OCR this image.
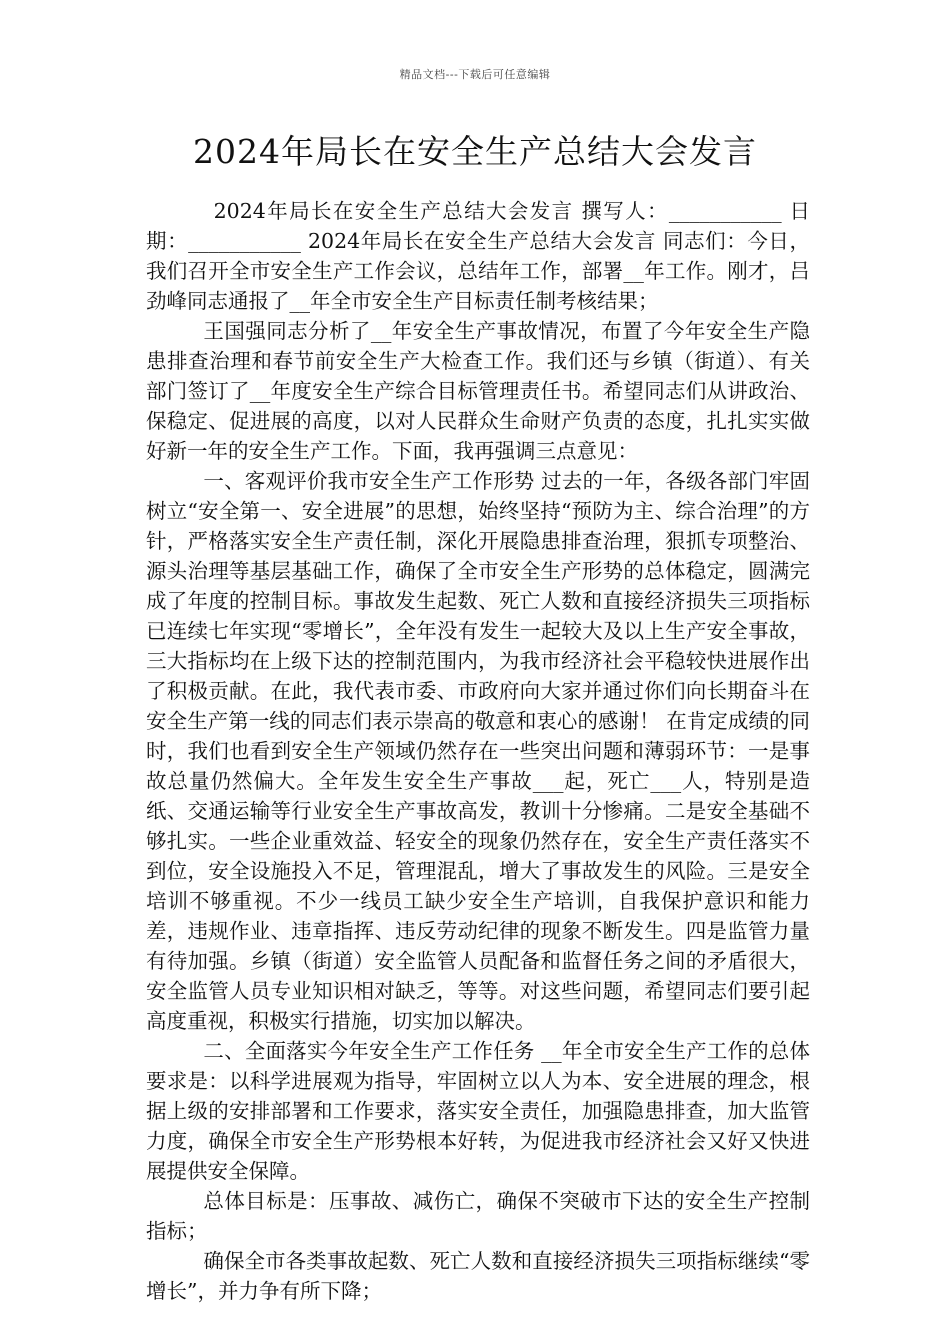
精品文档---下载后可任意编辑
2024年局长在安全生产总结大会发言

2024年局长在安全生产总结大会发言 撰写人：___________ 日 期：___________ 2024年局长在安全生产总结大会发言 同志们：今日，我们召开全市安全生产工作会议，总结年工作，部署__年工作。刚才，吕劲峰同志通报了__年全市安全生产目标责任制考核结果；

王国强同志分析了__年安全生产事故情况，布置了今年安全生产隐患排查治理和春节前安全生产大检查工作。我们还与乡镇（街道）、有关部门签订了__年度安全生产综合目标管理责任书。希望同志们从讲政治、保稳定、促进展的高度，以对人民群众生命财产负责的态度，扎扎实实做好新一年的安全生产工作。下面，我再强调三点意见：

一、客观评价我市安全生产工作形势 过去的一年，各级各部门牢固树立“安全第一、安全进展”的思想，始终坚持“预防为主、综合治理”的方针，严格落实安全生产责任制，深化开展隐患排查治理，狠抓专项整治、源头治理等基层基础工作，确保了全市安全生产形势的总体稳定，圆满完成了年度的控制目标。事故发生起数、死亡人数和直接经济损失三项指标已连续七年实现“零增长”，全年没有发生一起较大及以上生产安全事故，三大指标均在上级下达的控制范围内，为我市经济社会平稳较快进展作出了积极贡献。在此，我代表市委、市政府向大家并通过你们向长期奋斗在安全生产第一线的同志们表示崇高的敬意和衷心的感谢！ 在肯定成绩的同时，我们也看到安全生产领域仍然存在一些突出问题和薄弱环节：一是事故总量仍然偏大。全年发生安全生产事故___起，死亡___人，特别是造纸、交通运输等行业安全生产事故高发，教训十分惨痛。二是安全基础不够扎实。一些企业重效益、轻安全的现象仍然存在，安全生产责任落实不到位，安全设施投入不足，管理混乱，增大了事故发生的风险。三是安全培训不够重视。不少一线员工缺少安全生产培训，自我保护意识和能力差，违规作业、违章指挥、违反劳动纪律的现象不断发生。四是监管力量有待加强。乡镇（街道）安全监管人员配备和监督任务之间的矛盾很大，安全监管人员专业知识相对缺乏，等等。对这些问题，希望同志们要引起高度重视，积极实行措施，切实加以解决。

二、全面落实今年安全生产工作任务 __年全市安全生产工作的总体要求是：以科学进展观为指导，牢固树立以人为本、安全进展的理念，根据上级的安排部署和工作要求，落实安全责任，加强隐患排查，加大监管力度，确保全市安全生产形势根本好转，为促进我市经济社会又好又快进展提供安全保障。

总体目标是：压事故、减伤亡，确保不突破市下达的安全生产控制指标；

确保全市各类事故起数、死亡人数和直接经济损失三项指标继续“零增长”，并力争有所下降；
